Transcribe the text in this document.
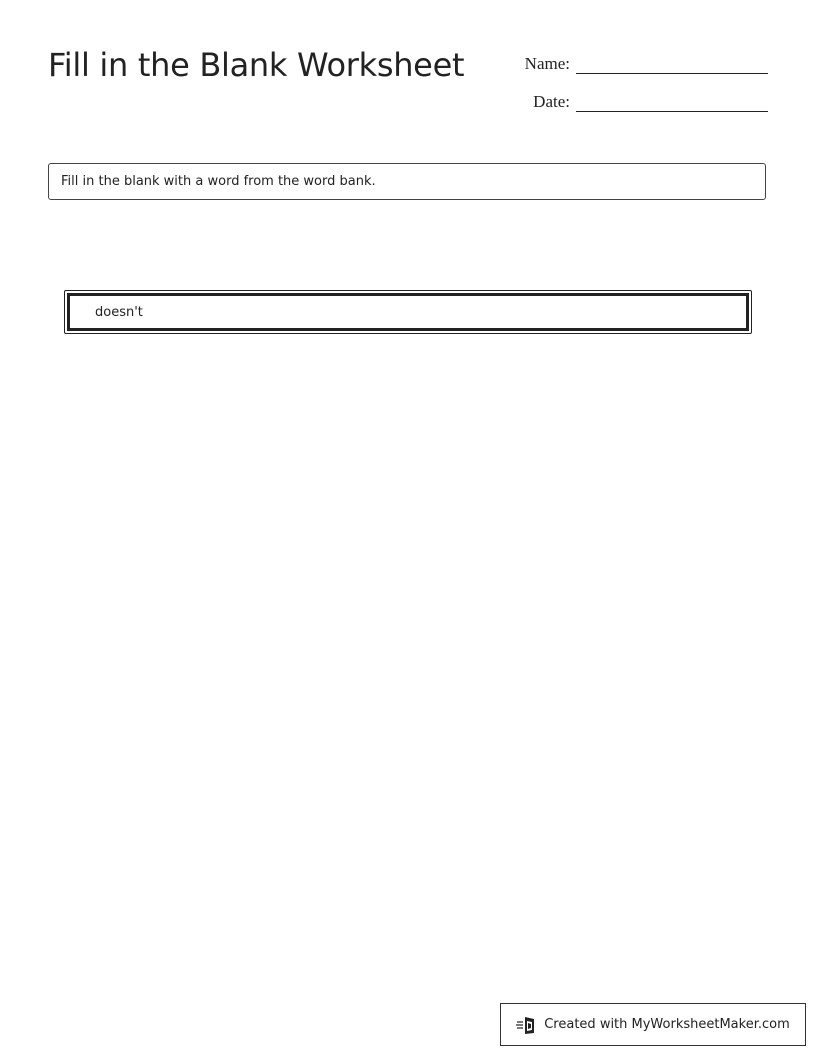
Fill in the Blank Worksheet	Name:
Date:
Fill in the blank with a word from the word bank.
doesn't
Created with MyWorksheetMaker.com
